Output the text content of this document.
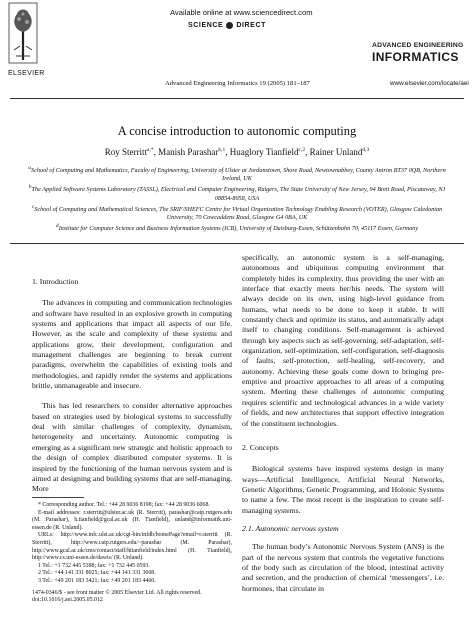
ELSEVIER
Available online at www.sciencedirect.com
SCIENCE DIRECT
Advanced Engineering Informatics 19 (2005) 181–187
ADVANCED ENGINEERING
INFORMATICS
www.elsevier.com/locate/aei
A concise introduction to autonomic computing
Roy Sterritt$^{a,*}$, Manish Parashar$^{b,1}$, Huaglory Tianfield$^{c,2}$, Rainer Unland$^{d,3}$
$^a$School of Computing and Mathematics, Faculty of Engineering, University of Ulster at Jordanstown, Shore Road, Newtownabbey, County Antrim BT37 0QB, Northern Ireland, UK
$^b$The Applied Software Systems Laboratory (TASSL), Electrical and Computer Engineering, Rutgers, The State University of New Jersey, 94 Brett Road, Piscataway, NJ 08854-8058, USA
$^c$School of Computing and Mathematical Sciences, The SRIF/SHEFC Centre for Virtual Organization Technology Enabling Research (VOTER), Glasgow Caledonian University, 70 Cowcaddens Road, Glasgow G4 0BA, UK
$^d$Institute for Computer Science and Business Information Systems (ICB), University of Duisburg-Essen, Schützenbahn 70, 45117 Essen, Germany
1. Introduction

The advances in computing and communication technologies and software have resulted in an explosive growth in computing systems and applications that impact all aspects of our life. However, as the scale and complexity of these systems and applications grow, their development, configuration and management challenges are beginning to break current paradigms, overwhelm the capabilities of existing tools and methodologies, and rapidly render the systems and applications brittle, unmanageable and insecure.

This has led researchers to consider alternative approaches based on strategies used by biological systems to successfully deal with similar challenges of complexity, dynamism, heterogeneity and uncertainty. Autonomic computing is emerging as a significant new strategic and holistic approach to the design of complex distributed computer systems. It is inspired by the functioning of the human nervous system and is aimed at designing and building systems that are self-managing. More

* Corresponding author. Tel.: +44 28 9036 8198; fax: +44 28 9036 6068.

E-mail addresses: r.sterritt@ulster.ac.uk (R. Sterritt), parashar@caip.rutgers.edu (M. Parashar), h.tianfield@gcal.ac.uk (H. Tianfield), unland@informatik.uni-essen.de (R. Unland).

URLs: http://www.infc.ulst.ac.uk/cgi-bin/infdb/homePage?email=r.sterritt (R. Sterritt), http://www.caip.rutgers.edu/~parashar (M. Parashar), http://www.gcal.ac.uk/cms/contact/staff/htianfield/index.html (H. Tianfield), http://www.cs.uni-essen.de/dawis/ (R. Unland).

1 Tel.: +1 732 445 5388; fax: +1 732 445 0593.

2 Tel.: +44 141 331 8025; fax: +44 141 331 3608.

3 Tel.: +49 201 183 3421; fax: +49 201 183 4460.

1474-0346/$ - see front matter © 2005 Elsevier Ltd. All rights reserved.

doi:10.1016/j.aei.2005.05.012

specifically, an autonomic system is a self-managing, autonomous and ubiquitous computing environment that completely hides its complexity, thus providing the user with an interface that exactly meets her/his needs. The system will always decide on its own, using high-level guidance from humans, what needs to be done to keep it stable. It will constantly check and optimize its status, and automatically adapt itself to changing conditions. Self-management is achieved through key aspects such as self-governing, self-adaptation, self-organization, self-optimization, self-configuration, self-diagnosis of faults, self-protection, self-healing, self-recovery, and autonomy. Achieving these goals come down to bringing pre-emptive and proactive approaches to all areas of a computing system. Meeting these challenges of autonomic computing requires scientific and technological advances in a wide variety of fields, and new architectures that support effective integration of the constituent technologies.

2. Concepts

Biological systems have inspired systems design in many ways—Artificial Intelligence, Artificial Neural Networks, Genetic Algorithms, Genetic Programming, and Holonic Systems to name a few. The most recent is the inspiration to create self-managing systems.

2.1. Autonomic nervous system

The human body’s Autonomic Nervous System (ANS) is the part of the nervous system that controls the vegetative functions of the body such as circulation of the blood, intestinal activity and secretion, and the production of chemical ‘messengers’, i.e. hormones, that circulate in
